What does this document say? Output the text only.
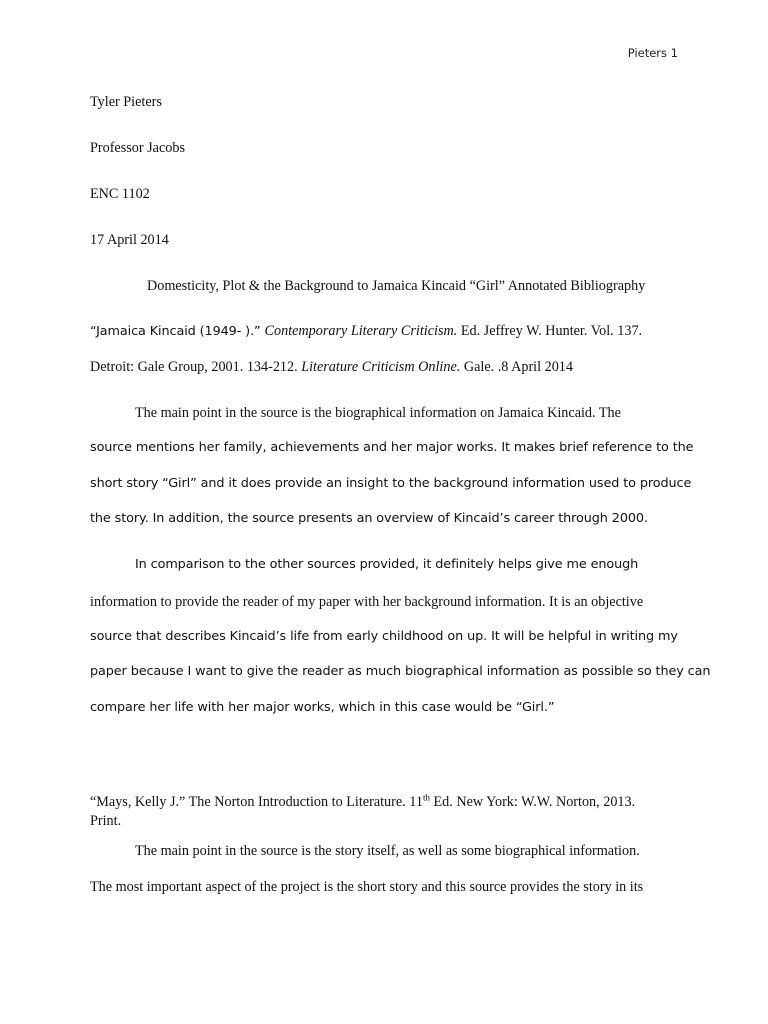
Pieters 1
Tyler Pieters
Professor Jacobs
ENC 1102
17 April 2014
Domesticity, Plot & the Background to Jamaica Kincaid “Girl” Annotated Bibliography
“Jamaica Kincaid (1949- ).” Contemporary Literary Criticism. Ed. Jeffrey W. Hunter. Vol. 137.
Detroit: Gale Group, 2001. 134-212. Literature Criticism Online. Gale. .8 April 2014
The main point in the source is the biographical information on Jamaica Kincaid. The
source mentions her family, achievements and her major works. It makes brief reference to the
short story “Girl” and it does provide an insight to the background information used to produce
the story. In addition, the source presents an overview of Kincaid’s career through 2000.
In comparison to the other sources provided, it definitely helps give me enough
information to provide the reader of my paper with her background information. It is an objective
source that describes Kincaid’s life from early childhood on up. It will be helpful in writing my
paper because I want to give the reader as much biographical information as possible so they can
compare her life with her major works, which in this case would be “Girl.”
“Mays, Kelly J.” The Norton Introduction to Literature. 11th Ed. New York: W.W. Norton, 2013.
Print.
The main point in the source is the story itself, as well as some biographical information.
The most important aspect of the project is the short story and this source provides the story in its
